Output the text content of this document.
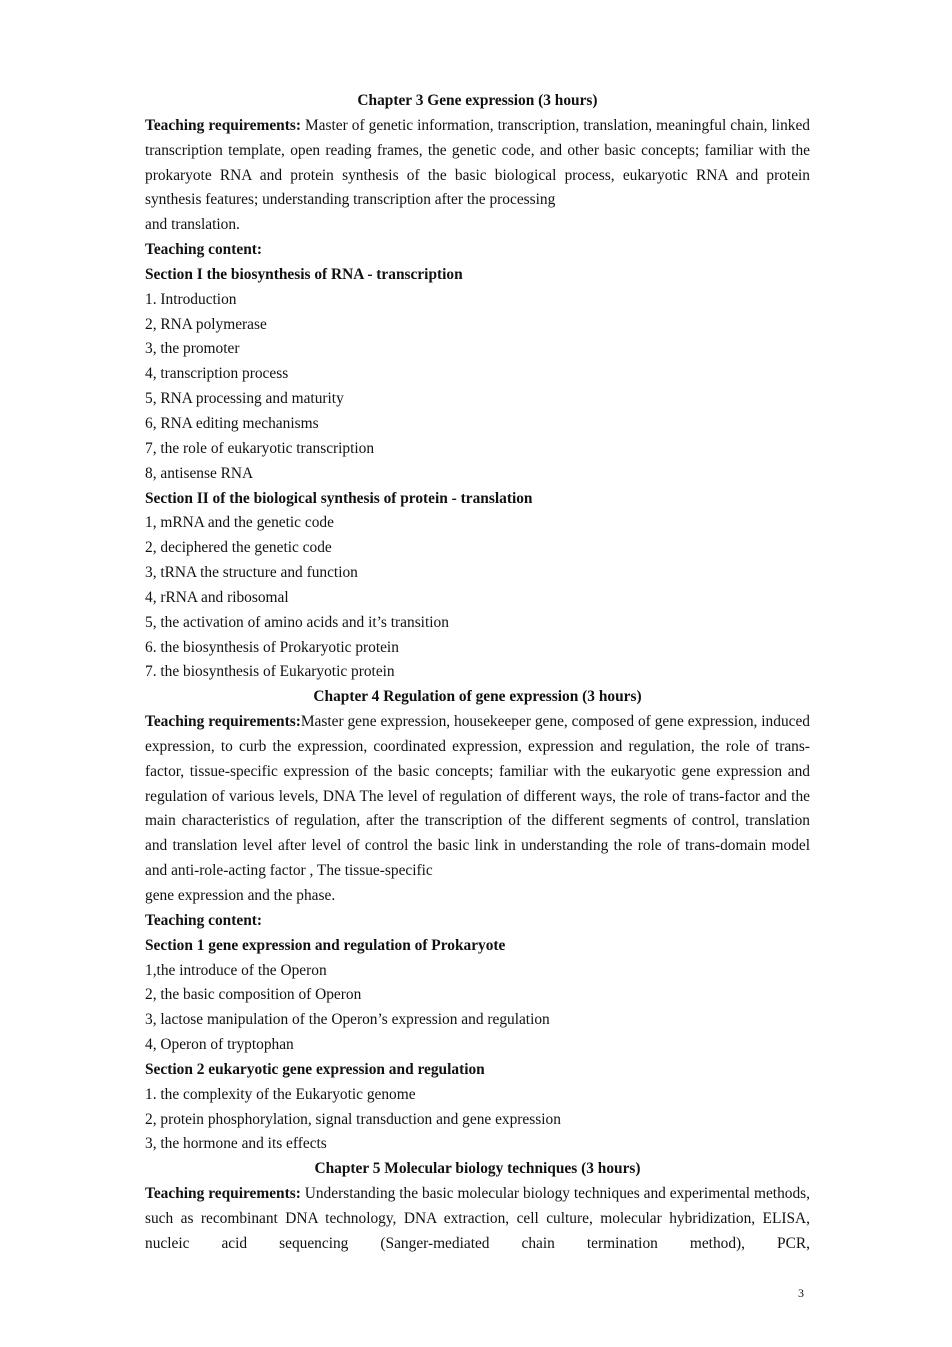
Chapter 3 Gene expression (3 hours)
Teaching requirements: Master of genetic information, transcription, translation, meaningful chain, linked transcription template, open reading frames, the genetic code, and other basic concepts; familiar with the prokaryote RNA and protein synthesis of the basic biological process, eukaryotic RNA and protein synthesis features; understanding transcription after the processing
and translation.
Teaching content:
Section I the biosynthesis of RNA - transcription
1. Introduction
2, RNA polymerase
3, the promoter
4, transcription process
5, RNA processing and maturity
6, RNA editing mechanisms
7, the role of eukaryotic transcription
8, antisense RNA
Section II of the biological synthesis of protein - translation
1, mRNA and the genetic code
2, deciphered the genetic code
3, tRNA the structure and function
4, rRNA and ribosomal
5, the activation of amino acids and it’s transition
6. the biosynthesis of Prokaryotic protein
7. the biosynthesis of Eukaryotic protein
Chapter 4 Regulation of gene expression (3 hours)
Teaching requirements:Master gene expression, housekeeper gene, composed of gene expression, induced expression, to curb the expression, coordinated expression, expression and regulation, the role of trans-factor, tissue-specific expression of the basic concepts; familiar with the eukaryotic gene expression and regulation of various levels, DNA The level of regulation of different ways, the role of trans-factor and the main characteristics of regulation, after the transcription of the different segments of control, translation and translation level after level of control the basic link in understanding the role of trans-domain model and anti-role-acting factor , The tissue-specific
gene expression and the phase.
Teaching content:
Section 1 gene expression and regulation of Prokaryote
1,the introduce of the Operon
2, the basic composition of Operon
3, lactose manipulation of the Operon’s expression and regulation
4, Operon of tryptophan
Section 2 eukaryotic gene expression and regulation
1. the complexity of the Eukaryotic genome
2, protein phosphorylation, signal transduction and gene expression
3, the hormone and its effects
Chapter 5 Molecular biology techniques (3 hours)
Teaching requirements: Understanding the basic molecular biology techniques and experimental methods, such as recombinant DNA technology, DNA extraction, cell culture, molecular hybridization, ELISA, nucleic acid sequencing (Sanger-mediated chain termination method), PCR,
3
